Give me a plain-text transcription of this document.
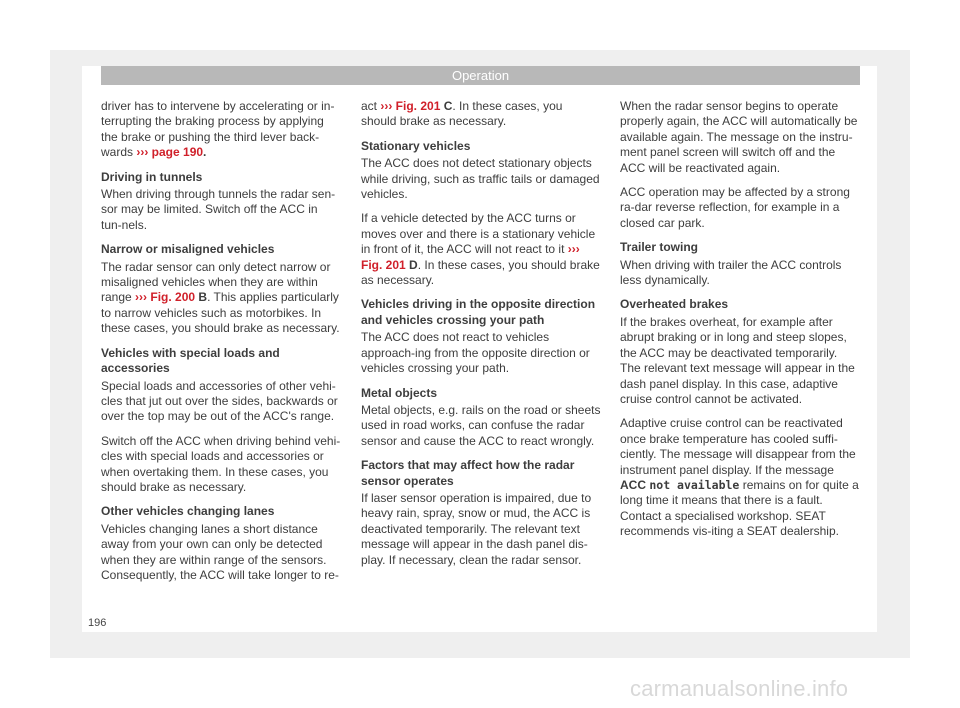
Operation

driver has to intervene by accelerating or in-terrupting the braking process by applying the brake or pushing the third lever back-wards ››› page 190.

Driving in tunnels

When driving through tunnels the radar sen-sor may be limited. Switch off the ACC in tun-nels.

Narrow or misaligned vehicles

The radar sensor can only detect narrow or misaligned vehicles when they are within range ››› Fig. 200 B. This applies particularly to narrow vehicles such as motorbikes. In these cases, you should brake as necessary.

Vehicles with special loads and accessories

Special loads and accessories of other vehi-cles that jut out over the sides, backwards or over the top may be out of the ACC's range.

Switch off the ACC when driving behind vehi-cles with special loads and accessories or when overtaking them. In these cases, you should brake as necessary.

Other vehicles changing lanes

Vehicles changing lanes a short distance away from your own can only be detected when they are within range of the sensors. Consequently, the ACC will take longer to re-

act ››› Fig. 201 C. In these cases, you should brake as necessary.

Stationary vehicles

The ACC does not detect stationary objects while driving, such as traffic tails or damaged vehicles.

If a vehicle detected by the ACC turns or moves over and there is a stationary vehicle in front of it, the ACC will not react to it ››› Fig. 201 D. In these cases, you should brake as necessary.

Vehicles driving in the opposite direction and vehicles crossing your path

The ACC does not react to vehicles approach-ing from the opposite direction or vehicles crossing your path.

Metal objects

Metal objects, e.g. rails on the road or sheets used in road works, can confuse the radar sensor and cause the ACC to react wrongly.

Factors that may affect how the radar sensor operates

If laser sensor operation is impaired, due to heavy rain, spray, snow or mud, the ACC is deactivated temporarily. The relevant text message will appear in the dash panel dis-play. If necessary, clean the radar sensor.

When the radar sensor begins to operate properly again, the ACC will automatically be available again. The message on the instru-ment panel screen will switch off and the ACC will be reactivated again.

ACC operation may be affected by a strong ra-dar reverse reflection, for example in a closed car park.

Trailer towing

When driving with trailer the ACC controls less dynamically.

Overheated brakes

If the brakes overheat, for example after abrupt braking or in long and steep slopes, the ACC may be deactivated temporarily. The relevant text message will appear in the dash panel display. In this case, adaptive cruise control cannot be activated.

Adaptive cruise control can be reactivated once brake temperature has cooled suffi-ciently. The message will disappear from the instrument panel display. If the message ACC not available remains on for quite a long time it means that there is a fault. Contact a specialised workshop. SEAT recommends vis-iting a SEAT dealership.

196
carmanualsonline.info
